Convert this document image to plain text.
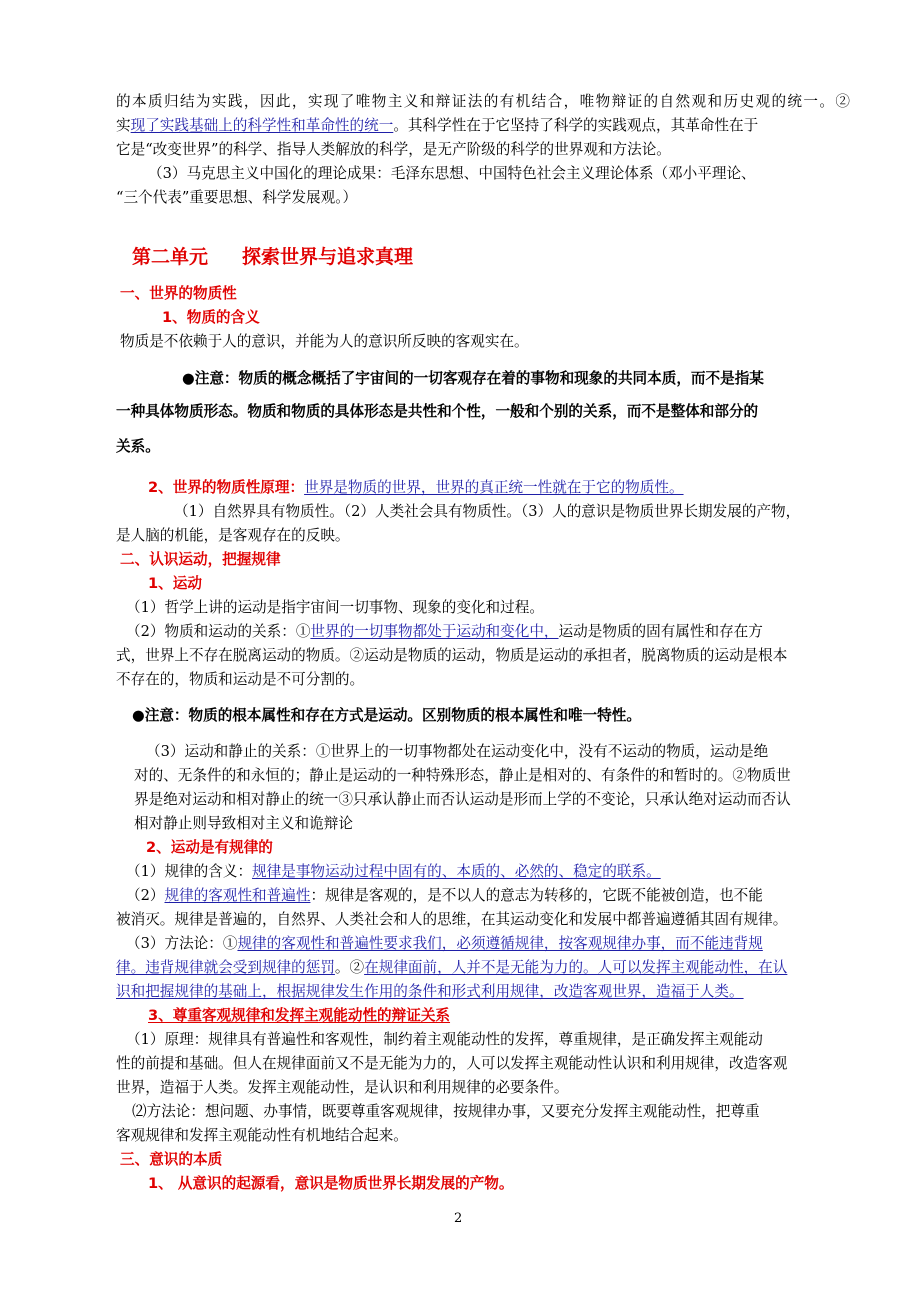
的本质归结为实践，因此，实现了唯物主义和辩证法的有机结合，唯物辩证的自然观和历史观的统一。②
实现了实践基础上的科学性和革命性的统一。其科学性在于它坚持了科学的实践观点，其革命性在于
它是“改变世界”的科学、指导人类解放的科学，是无产阶级的科学的世界观和方法论。
（3）马克思主义中国化的理论成果：毛泽东思想、中国特色社会主义理论体系（邓小平理论、
“三个代表”重要思想、科学发展观。）
第二单元 探索世界与追求真理
一、世界的物质性
1、物质的含义
物质是不依赖于人的意识，并能为人的意识所反映的客观实在。
●注意：物质的概念概括了宇宙间的一切客观存在着的事物和现象的共同本质，而不是指某
一种具体物质形态。物质和物质的具体形态是共性和个性，一般和个别的关系，而不是整体和部分的
关系。
2、世界的物质性原理：世界是物质的世界，世界的真正统一性就在于它的物质性。
（1）自然界具有物质性。（2）人类社会具有物质性。（3）人的意识是物质世界长期发展的产物，
是人脑的机能，是客观存在的反映。
二、认识运动，把握规律
1、运动
（1）哲学上讲的运动是指宇宙间一切事物、现象的变化和过程。
（2）物质和运动的关系：①世界的一切事物都处于运动和变化中，运动是物质的固有属性和存在方
式，世界上不存在脱离运动的物质。②运动是物质的运动，物质是运动的承担者，脱离物质的运动是根本
不存在的，物质和运动是不可分割的。
●注意：物质的根本属性和存在方式是运动。区别物质的根本属性和唯一特性。
（3）运动和静止的关系：①世界上的一切事物都处在运动变化中，没有不运动的物质，运动是绝
对的、无条件的和永恒的；静止是运动的一种特殊形态，静止是相对的、有条件的和暂时的。②物质世
界是绝对运动和相对静止的统一③只承认静止而否认运动是形而上学的不变论，只承认绝对运动而否认
相对静止则导致相对主义和诡辩论
2、运动是有规律的
（1）规律的含义：规律是事物运动过程中固有的、本质的、必然的、稳定的联系。
（2）规律的客观性和普遍性：规律是客观的，是不以人的意志为转移的，它既不能被创造，也不能
被消灭。规律是普遍的，自然界、人类社会和人的思维，在其运动变化和发展中都普遍遵循其固有规律。
（3）方法论：①规律的客观性和普遍性要求我们，必须遵循规律，按客观规律办事，而不能违背规
律。违背规律就会受到规律的惩罚。②在规律面前，人并不是无能为力的。人可以发挥主观能动性，在认
识和把握规律的基础上，根据规律发生作用的条件和形式利用规律，改造客观世界，造福于人类。
3、尊重客观规律和发挥主观能动性的辩证关系
（1）原理：规律具有普遍性和客观性，制约着主观能动性的发挥，尊重规律，是正确发挥主观能动
性的前提和基础。但人在规律面前又不是无能为力的，人可以发挥主观能动性认识和利用规律，改造客观
世界，造福于人类。发挥主观能动性，是认识和利用规律的必要条件。
⑵方法论：想问题、办事情，既要尊重客观规律，按规律办事，又要充分发挥主观能动性，把尊重
客观规律和发挥主观能动性有机地结合起来。
三、意识的本质
1、 从意识的起源看，意识是物质世界长期发展的产物。
2
